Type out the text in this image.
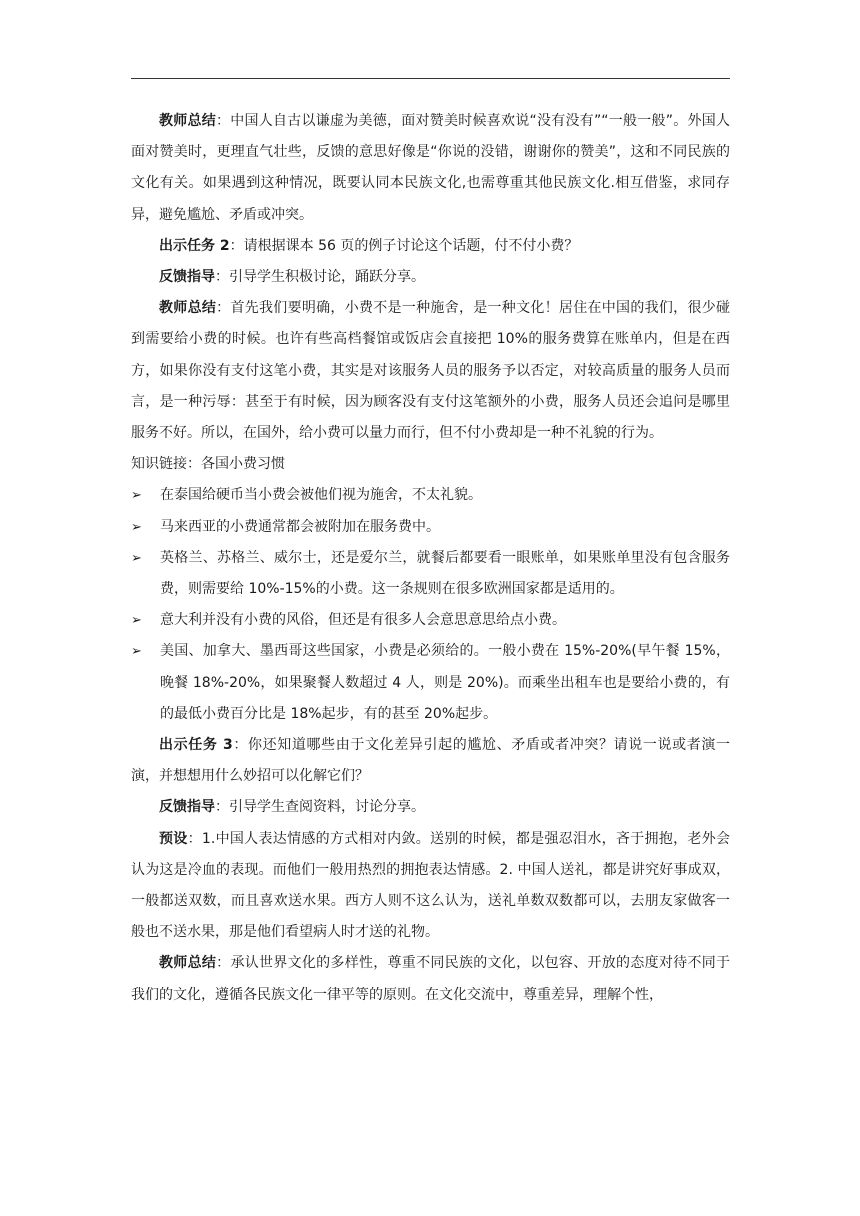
教师总结：中国人自古以谦虚为美德，面对赞美时候喜欢说“没有没有”“一般一般”。外国人面对赞美时，更理直气壮些，反馈的意思好像是“你说的没错，谢谢你的赞美”，这和不同民族的文化有关。如果遇到这种情况，既要认同本民族文化,也需尊重其他民族文化.相互借鉴，求同存异，避免尴尬、矛盾或冲突。

出示任务 2：请根据课本 56 页的例子讨论这个话题，付不付小费？

反馈指导：引导学生积极讨论，踊跃分享。

教师总结：首先我们要明确，小费不是一种施舍，是一种文化！居住在中国的我们，很少碰到需要给小费的时候。也许有些高档餐馆或饭店会直接把 10%的服务费算在账单内，但是在西方，如果你没有支付这笔小费，其实是对该服务人员的服务予以否定，对较高质量的服务人员而言，是一种污辱：甚至于有时候，因为顾客没有支付这笔额外的小费，服务人员还会追问是哪里服务不好。所以，在国外，给小费可以量力而行，但不付小费却是一种不礼貌的行为。

知识链接：各国小费习惯

➢ 在泰国给硬币当小费会被他们视为施舍，不太礼貌。
➢ 马来西亚的小费通常都会被附加在服务费中。
➢ 英格兰、苏格兰、威尔士，还是爱尔兰，就餐后都要看一眼账单，如果账单里没有包含服务费，则需要给 10%-15%的小费。这一条规则在很多欧洲国家都是适用的。
➢ 意大利并没有小费的风俗，但还是有很多人会意思意思给点小费。
➢ 美国、加拿大、墨西哥这些国家，小费是必须给的。一般小费在 15%-20%(早午餐 15%，晚餐 18%-20%，如果聚餐人数超过 4 人，则是 20%)。而乘坐出租车也是要给小费的，有的最低小费百分比是 18%起步，有的甚至 20%起步。

出示任务 3：你还知道哪些由于文化差异引起的尴尬、矛盾或者冲突？请说一说或者演一演，并想想用什么妙招可以化解它们？

反馈指导：引导学生查阅资料，讨论分享。

预设：1.中国人表达情感的方式相对内敛。送别的时候，都是强忍泪水，吝于拥抱，老外会认为这是冷血的表现。而他们一般用热烈的拥抱表达情感。2. 中国人送礼，都是讲究好事成双，一般都送双数，而且喜欢送水果。西方人则不这么认为，送礼单数双数都可以，去朋友家做客一般也不送水果，那是他们看望病人时才送的礼物。

教师总结：承认世界文化的多样性，尊重不同民族的文化，以包容、开放的态度对待不同于我们的文化，遵循各民族文化一律平等的原则。在文化交流中，尊重差异，理解个性，
